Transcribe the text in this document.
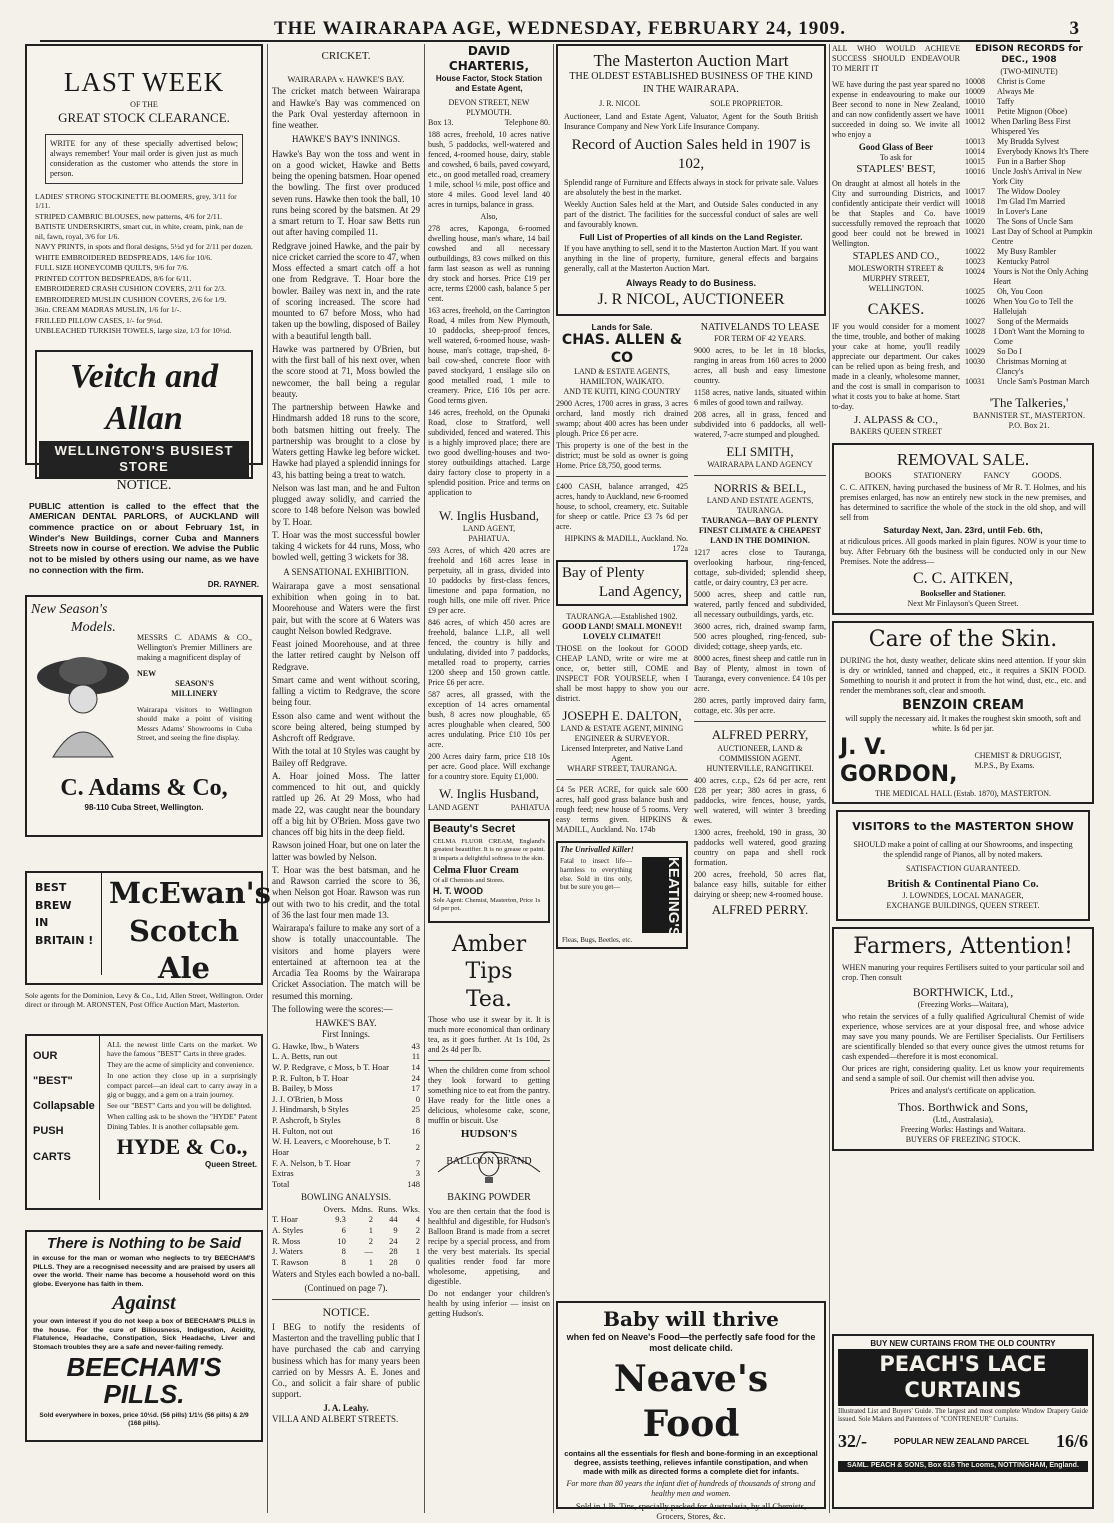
THE WAIRARAPA AGE, WEDNESDAY, FEBRUARY 24, 1909.	3
LAST WEEK
OF THE
GREAT STOCK CLEARANCE.
WRITE for any of these specially advertised below; always remember! Your mail order is given just as much consideration as the customer who attends the store in person.
LADIES' STRONG STOCKINETTE BLOOMERS, grey, 3/11 for 1/11.
STRIPED CAMBRIC BLOUSES, new patterns, 4/6 for 2/11.
BATISTE UNDERSKIRTS, smart cut, in white, cream, pink, nan de nil, fawn, royal, 3/6 for 1/6.
NAVY PRINTS, in spots and floral designs, 5½d yd for 2/11 per dozen.
WHITE EMBROIDERED BEDSPREADS, 14/6 for 10/6.
FULL SIZE HONEYCOMB QUILTS, 9/6 for 7/6.
PRINTED COTTON BEDSPREADS, 8/6 for 6/11.
EMBROIDERED CRASH CUSHION COVERS, 2/11 for 2/3.
EMBROIDERED MUSLIN CUSHION COVERS, 2/6 for 1/9.
36in. CREAM MADRAS MUSLIN, 1/6 for 1/-.
FRILLED PILLOW CASES, 1/- for 9½d.
UNBLEACHED TURKISH TOWELS, large size, 1/3 for 10½d.
Veitch and Allan
WELLINGTON'S BUSIEST STORE
NOTICE.
PUBLIC attention is called to the effect that the AMERICAN DENTAL PARLORS, of AUCKLAND will commence practice on or about February 1st, in Winder's New Buildings, corner Cuba and Manners Streets now in course of erection. We advise the Public not to be misled by others using our name, as we have no connection with the firm.
DR. RAYNER.
New Season's
Models.
MESSRS C. ADAMS & CO., Wellington's Premier Milliners are making a magnificent display of
NEW
SEASON'S
MILLINERY
Wairarapa visitors to Wellington should make a point of visiting Messrs Adams' Showrooms in Cuba Street, and seeing the fine display.
C. Adams & Co,
98-110 Cuba Street, Wellington.
BEST
BREW
IN
BRITAIN !
McEwan's
Scotch Ale
Sole agents for the Dominion, Levy & Co., Ltd, Allen Street, Wellington. Order direct or through M. ARONSTEN, Post Office Auction Mart, Masterton.
OUR
"BEST"
Collapsable
PUSH
CARTS
ALL the newest little Carts on the market. We have the famous "BEST" Carts in three grades.
They are the acme of simplicity and convenience.
In one action they close up in a surprisingly compact parcel—an ideal cart to carry away in a gig or buggy, and a gem on a train journey.
See our "BEST" Carts and you will be delighted.
When calling ask to be shown the "HYDE" Patent Dining Tables. It is another collapsable gem.
HYDE & Co.,
Queen Street.
There is Nothing to be Said
in excuse for the man or woman who neglects to try BEECHAM'S PILLS. They are a recognised necessity and are praised by users all over the world. Their name has become a household word on this globe. Everyone has faith in them.
Against
your own interest if you do not keep a box of BEECHAM'S PILLS in the house. For the cure of Biliousness, Indigestion, Acidity, Flatulence, Headache, Constipation, Sick Headache, Liver and Stomach troubles they are a safe and never-failing remedy.
BEECHAM'S
PILLS.
Sold everywhere in boxes, price 10½d. (56 pills) 1/1½ (56 pills) & 2/9 (168 pills).
CRICKET.
WAIRARAPA v. HAWKE'S BAY.
The cricket match between Wairarapa and Hawke's Bay was commenced on the Park Oval yesterday afternoon in fine weather.
HAWKE'S BAY'S INNINGS.
Hawke's Bay won the toss and went in on a good wicket, Hawke and Betts being the opening batsmen. Hoar opened the bowling. The first over produced seven runs. Hawke then took the ball, 10 runs being scored by the batsmen. At 29 a smart return to T. Hoar saw Betts run out after having compiled 11.
Redgrave joined Hawke, and the pair by nice cricket carried the score to 47, when Moss effected a smart catch off a hot one from Redgrave. T. Hoar bore the bowler. Bailey was next in, and the rate of scoring increased. The score had mounted to 67 before Moss, who had taken up the bowling, disposed of Bailey with a beautiful length ball.
Hawke was partnered by O'Brien, but with the first ball of his next over, when the score stood at 71, Moss bowled the newcomer, the ball being a regular beauty.
The partnership between Hawke and Hindmarsh added 18 runs to the score, both batsmen hitting out freely. The partnership was brought to a close by Waters getting Hawke leg before wicket. Hawke had played a splendid innings for 43, his batting being a treat to watch.
Nelson was last man, and he and Fulton plugged away solidly, and carried the score to 148 before Nelson was bowled by T. Hoar.
T. Hoar was the most successful bowler taking 4 wickets for 44 runs, Moss, who bowled well, getting 3 wickets for 38.
A SENSATIONAL EXHIBITION.
Wairarapa gave a most sensational exhibition when going in to bat. Moorehouse and Waters were the first pair, but with the score at 6 Waters was caught Nelson bowled Redgrave.
Feast joined Moorehouse, and at three the latter retired caught by Nelson off Redgrave.
Smart came and went without scoring, falling a victim to Redgrave, the score being four.
Esson also came and went without the score being altered, being stumped by Ashcroft off Redgrave.
With the total at 10 Styles was caught by Bailey off Redgrave.
A. Hoar joined Moss. The latter commenced to hit out, and quickly rattled up 26. At 29 Moss, who had made 22, was caught near the boundary off a big hit by O'Brien. Moss gave two chances off big hits in the deep field.
Rawson joined Hoar, but one on later the latter was bowled by Nelson.
T. Hoar was the best batsman, and he and Rawson carried the score to 36, when Nelson got Hoar. Rawson was run out with two to his credit, and the total of 36 the last four men made 13.
Wairarapa's failure to make any sort of a show is totally unaccountable. The visitors and home players were entertained at afternoon tea at the Arcadia Tea Rooms by the Wairarapa Cricket Association. The match will be resumed this morning.
The following were the scores:—
HAWKE'S BAY.
First Innings.
G. Hawke, lbw., b Waters	43
L. A. Betts, run out	11
W. P. Redgrave, c Moss, b T. Hoar	14
P. R. Fulton, b T. Hoar	24
B. Bailey, b Moss	17
J. J. O'Brien, b Moss	0
J. Hindmarsh, b Styles	25
P. Ashcroft, b Styles	8
H. Fulton, not out	16
W. H. Leavers, c Moorehouse, b T. Hoar	2
F. A. Nelson, b T. Hoar	7
Extras	3
Total	148
BOWLING ANALYSIS.
	Overs.	Mdns.	Runs.	Wks.
T. Hoar	9.3	2	44	4
A. Styles	6	1	9	2
R. Moss	10	2	24	2
J. Waters	8	—	28	1
T. Rawson	8	1	28	0
Waters and Styles each bowled a no-ball.
(Continued on page 7).
NOTICE.
I BEG to notify the residents of Masterton and the travelling public that I have purchased the cab and carrying business which has for many years been carried on by Messrs A. E. Jones and Co., and solicit a fair share of public support.
J. A. Leahy.
VILLA AND ALBERT STREETS.
DAVID CHARTERIS,
House Factor, Stock Station and Estate Agent,
DEVON STREET, NEW PLYMOUTH.
Box 13.	Telephone 80.
188 acres, freehold, 10 acres native bush, 5 paddocks, well-watered and fenced, 4-roomed house, dairy, stable and cowshed, 6 bails, paved cowyard, etc., on good metalled road, creamery 1 mile, school ½ mile, post office and store 4 miles. Good level land 40 acres in turnips, balance in grass.
Also,
278 acres, Kaponga, 6-roomed dwelling house, man's whare, 14 bail cowshed and all necessary outbuildings, 83 cows milked on this farm last season as well as running dry stock and horses. Price £19 per acre, terms £2000 cash, balance 5 per cent.
163 acres, freehold, on the Carrington Road, 4 miles from New Plymouth, 10 paddocks, sheep-proof fences, well watered, 6-roomed house, wash-house, man's cottage, trap-shed, 8-bail cow-shed, concrete floor with paved stockyard, 1 ensilage silo on good metalled road, 1 mile to creamery. Price, £16 10s per acre. Good terms given.
146 acres, freehold, on the Opunaki Road, close to Stratford, well subdivided, fenced and watered. This is a highly improved place; there are two good dwelling-houses and two-storey outbuildings attached. Large dairy factory close to property in a splendid position. Price and terms on application to
W. Inglis Husband,
LAND AGENT,
PAHIATUA.
593 Acres, of which 420 acres are freehold and 168 acres lease in perpetuity, all in grass, divided into 10 paddocks by first-class fences, limestone and papa formation, no rough hills, one mile off river. Price £9 per acre.
846 acres, of which 450 acres are freehold, balance L.I.P., all well fenced, the country is hilly and undulating, divided into 7 paddocks, metalled road to property, carries 1200 sheep and 150 grown cattle. Price £6 per acre.
587 acres, all grassed, with the exception of 14 acres ornamental bush, 8 acres now ploughable, 65 acres ploughable when cleared, 500 acres undulating. Price £10 10s per acre.
200 Acres dairy farm, price £18 10s per acre. Good place. Will exchange for a country store. Equity £1,000.
W. Inglis Husband,
LAND AGENT	PAHIATUA
Beauty's Secret
CELMA FLUOR CREAM, England's greatest beautifier. It is no grease or paint. It imparts a delightful softness to the skin.
Celma Fluor Cream
Of all Chemists and Stores.
H. T. WOOD
Sole Agent: Chemist, Masterton, Price 1s 6d per pot.
Amber Tips
Tea.
Those who use it swear by it. It is much more economical than ordinary tea, as it goes further. At 1s 10d, 2s and 2s 4d per lb.
When the children come from school they look forward to getting something nice to eat from the pantry. Have ready for the little ones a delicious, wholesome cake, scone, muffin or biscuit. Use
HUDSON'S
BALLOON BRAND
BAKING POWDER
You are then certain that the food is healthful and digestible, for Hudson's Balloon Brand is made from a secret recipe by a special process, and from the very best materials. Its special qualities render food far more wholesome, appetising, and digestible.
Do not endanger your children's health by using inferior — insist on getting Hudson's.
The Masterton Auction Mart
THE OLDEST ESTABLISHED BUSINESS OF THE KIND IN THE WAIRARAPA.
J. R. NICOL	SOLE PROPRIETOR.
Auctioneer, Land and Estate Agent, Valuator, Agent for the South British Insurance Company and New York Life Insurance Company.
Record of Auction Sales held in 1907 is 102,
Splendid range of Furniture and Effects always in stock for private sale. Values are absolutely the best in the market.
Weekly Auction Sales held at the Mart, and Outside Sales conducted in any part of the district. The facilities for the successful conduct of sales are well and favourably known.
Full List of Properties of all kinds on the Land Register.
If you have anything to sell, send it to the Masterton Auction Mart. If you want anything in the line of property, furniture, general effects and bargains generally, call at the Masterton Auction Mart.
Always Ready to do Business.
J. R NICOL, AUCTIONEER
Lands for Sale.
CHAS. ALLEN & CO
LAND & ESTATE AGENTS,
HAMILTON, WAIKATO.
AND TE KUITI, KING COUNTRY
2900 Acres, 1700 acres in grass, 3 acres orchard, land mostly rich drained swamp; about 400 acres has been under plough. Price £6 per acre.
This property is one of the best in the district; must be sold as owner is going Home. Price £8,750, good terms.
£400 CASH, balance arranged, 425 acres, handy to Auckland, new 6-roomed house, to school, creamery, etc. Suitable for sheep or cattle. Price £3 7s 6d per acre.
HIPKINS & MADILL, Auckland. No. 172a
Bay of Plenty
Land Agency,
TAURANGA.—Established 1902.
GOOD LAND! SMALL MONEY!! LOVELY CLIMATE!!
THOSE on the lookout for GOOD CHEAP LAND, write or wire me at once, or, better still, COME and INSPECT FOR YOURSELF, when I shall be most happy to show you our district.
JOSEPH E. DALTON,
LAND & ESTATE AGENT, MINING ENGINEER & SURVEYOR.
Licensed Interpreter, and Native Land Agent.
WHARF STREET, TAURANGA.
£4 5s PER ACRE, for quick sale 600 acres, half good grass balance bush and rough feed; new house of 5 rooms. Very easy terms given. HIPKINS & MADILL, Auckland. No. 174b
The Unrivalled Killer!
Fatal to insect life—harmless to everything else. Sold in tins only, but be sure you get—	KEATING'S
Fleas, Bugs, Beetles, etc.
NATIVELANDS TO LEASE
FOR TERM OF 42 YEARS.
9000 acres, to be let in 18 blocks, ranging in areas from 160 acres to 2000 acres, all bush and easy limestone country.
1158 acres, native lands, situated within 6 miles of good town and railway.
208 acres, all in grass, fenced and subdivided into 6 paddocks, all well-watered, 7-acre stumped and ploughed.
ELI SMITH,
WAIRARAPA LAND AGENCY
NORRIS & BELL,
LAND AND ESTATE AGENTS,
TAURANGA.
TAURANGA—BAY OF PLENTY FINEST CLIMATE & CHEAPEST LAND IN THE DOMINION.
1217 acres close to Tauranga, overlooking harbour, ring-fenced, cottage, sub-divided; splendid sheep, cattle, or dairy country, £3 per acre.
5000 acres, sheep and cattle run, watered, partly fenced and subdivided, all necessary outbuildings, yards, etc.
3600 acres, rich, drained swamp farm, 500 acres ploughed, ring-fenced, sub-divided; cottage, sheep yards, etc.
8000 acres, finest sheep and cattle run in Bay of Plenty, almost in town of Tauranga, every convenience. £4 10s per acre.
280 acres, partly improved dairy farm, cottage, etc. 30s per acre.
ALFRED PERRY,
AUCTIONEER, LAND & COMMISSION AGENT.
HUNTERVILLE, RANGITIKEI.
400 acres, c.r.p., £2s 6d per acre, rent £28 per year; 380 acres in grass, 6 paddocks, wire fences, house, yards, well watered, will winter 3 breeding ewes.
1300 acres, freehold, 190 in grass, 30 paddocks well watered, good grazing country on papa and shell rock formation.
200 acres, freehold, 50 acres flat, balance easy hills, suitable for either dairying or sheep; new 4-roomed house.
ALFRED PERRY.
Baby will thrive
when fed on Neave's Food—the perfectly safe food for the most delicate child.
Neave's Food
contains all the essentials for flesh and bone-forming in an exceptional degree, assists teething, relieves infantile constipation, and when made with milk as directed forms a complete diet for infants.
For more than 80 years the infant diet of hundreds of thousands of strong and healthy men and women.
Sold in 1 lb. Tins, specially packed for Australasia, by all Chemists, Grocers, Stores, &c.
ALL WHO WOULD ACHIEVE SUCCESS SHOULD ENDEAVOUR TO MERIT IT
WE have during the past year spared no expense in endeavouring to make our Beer second to none in New Zealand, and can now confidently assert we have succeeded in doing so. We invite all who enjoy a
Good Glass of Beer
To ask for
STAPLES' BEST,
On draught at almost all hotels in the City and surrounding Districts, and confidently anticipate their verdict will be that Staples and Co. have successfully removed the reproach that good beer could not be brewed in Wellington.
STAPLES AND CO.,
MOLESWORTH STREET & MURPHY STREET,
WELLINGTON.
CAKES.
IF you would consider for a moment the time, trouble, and bother of making your cake at home, you'll readily appreciate our department. Our cakes can be relied upon as being fresh, and made in a cleanly, wholesome manner, and the cost is small in comparison to what it costs you to bake at home. Start to-day.
J. ALPASS & CO.,
BAKERS QUEEN STREET
EDISON RECORDS for DEC., 1908
(TWO-MINUTE)
10008	Christ is Come
10009	Always Me
10010	Taffy
10011	Petite Mignon (Oboe)
10012 When Darling Bess First Whispered Yes
10013	My Brudda Sylvest
10014	Everybody Knows It's There
10015	Fun in a Barber Shop
10016 Uncle Josh's Arrival in New York City
10017	The Widow Dooley
10018	I'm Glad I'm Married
10019	In Lover's Lane
10020	The Sons of Uncle Sam
10021 Last Day of School at Pumpkin Centre
10022	My Busy Rambler
10023	Kentucky Patrol
10024	Yours is Not the Only Aching Heart
10025	Oh, You Coon
10026	When You Go to Tell the Hallelujah
10027	Song of the Mermaids
10028	I Don't Want the Morning to Come
10029	So Do I
10030	Christmas Morning at Clancy's
10031	Uncle Sam's Postman March
'The Talkeries,'
BANNISTER ST., MASTERTON.
P.O. Box 21.
REMOVAL SALE.
BOOKS STATIONERY FANCY GOODS.
C. C. AITKEN, having purchased the business of Mr R. T. Holmes, and his premises enlarged, has now an entirely new stock in the new premises, and has determined to sacrifice the whole of the stock in the old shop, and will sell from
Saturday Next, Jan. 23rd, until Feb. 6th,
at ridiculous prices. All goods marked in plain figures. NOW is your time to buy. After February 6th the business will be conducted only in our New Premises. Note the address—
C. C. AITKEN,
Bookseller and Stationer.
Next Mr Finlayson's Queen Street.
Care of the Skin.
DURING the hot, dusty weather, delicate skins need attention. If your skin is dry or wrinkled, tanned and chapped, etc., it requires a SKIN FOOD. Something to nourish it and protect it from the hot wind, dust, etc., etc. and render the membranes soft, clear and smooth.
BENZOIN CREAM
will supply the necessary aid. It makes the roughest skin smooth, soft and white. Is 6d per jar.
J. V. GORDON,
CHEMIST & DRUGGIST, M.P.S., By Exams.
THE MEDICAL HALL (Estab. 1870), MASTERTON.
VISITORS to the MASTERTON SHOW
SHOULD make a point of calling at our Showrooms, and inspecting the splendid range of Pianos, all by noted makers.
SATISFACTION GUARANTEED.
British & Continental Piano Co.
J. LOWNDES, LOCAL MANAGER,
EXCHANGE BUILDINGS, QUEEN STREET.
Farmers, Attention!
WHEN manuring your requires Fertilisers suited to your particular soil and crop. Then consult
BORTHWICK, Ltd.,
(Freezing Works—Waitara),
who retain the services of a fully qualified Agricultural Chemist of wide experience, whose services are at your disposal free, and whose advice may save you many pounds. We are Fertiliser Specialists. Our Fertilisers are scientifically blended so that every ounce gives the utmost returns for cash expended—therefore it is most economical.
Our prices are right, considering quality. Let us know your requirements and send a sample of soil. Our chemist will then advise you.
Prices and analyst's certificate on application.
Thos. Borthwick and Sons,
(Ltd., Australasia),
Freezing Works: Hastings and Waitara.
BUYERS OF FREEZING STOCK.
BUY NEW CURTAINS FROM THE OLD COUNTRY
PEACH'S LACE CURTAINS
Illustrated List and Buyers' Guide. The largest and most complete Window Drapery Guide issued. Sole Makers and Patentees of "CONTRENEUR" Curtains.
32/-	POPULAR NEW ZEALAND PARCEL 16/6
SAML. PEACH & SONS, Box 616 The Looms, NOTTINGHAM, England.
